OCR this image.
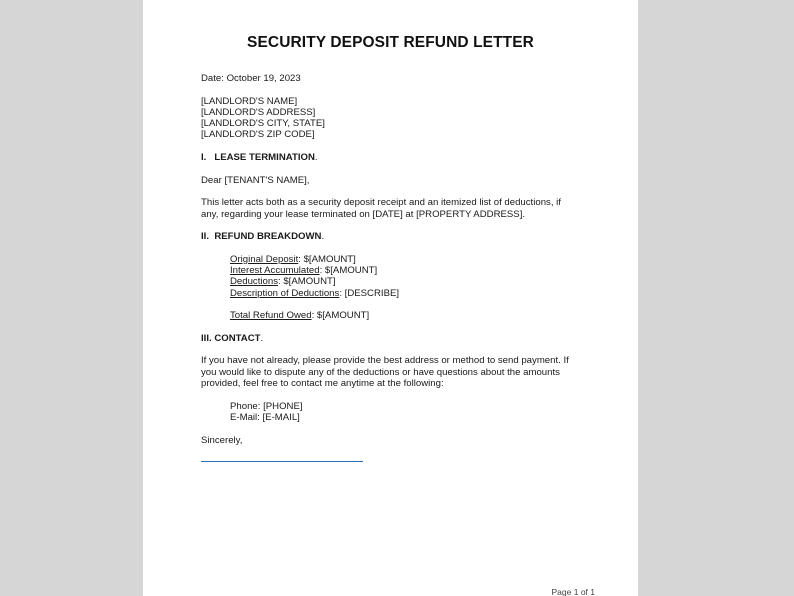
SECURITY DEPOSIT REFUND LETTER
Date: October 19, 2023
[LANDLORD'S NAME]
[LANDLORD'S ADDRESS]
[LANDLORD'S CITY, STATE]
[LANDLORD'S ZIP CODE]
I.   LEASE TERMINATION.
Dear [TENANT'S NAME],
This letter acts both as a security deposit receipt and an itemized list of deductions, if
any, regarding your lease terminated on [DATE] at [PROPERTY ADDRESS].
II.  REFUND BREAKDOWN.
Original Deposit: $[AMOUNT]
Interest Accumulated: $[AMOUNT]
Deductions: $[AMOUNT]
Description of Deductions: [DESCRIBE]
Total Refund Owed: $[AMOUNT]
III. CONTACT.
If you have not already, please provide the best address or method to send payment. If
you would like to dispute any of the deductions or have questions about the amounts
provided, feel free to contact me anytime at the following:
Phone: [PHONE]
E-Mail: [E-MAIL]
Sincerely,
Page 1 of 1
